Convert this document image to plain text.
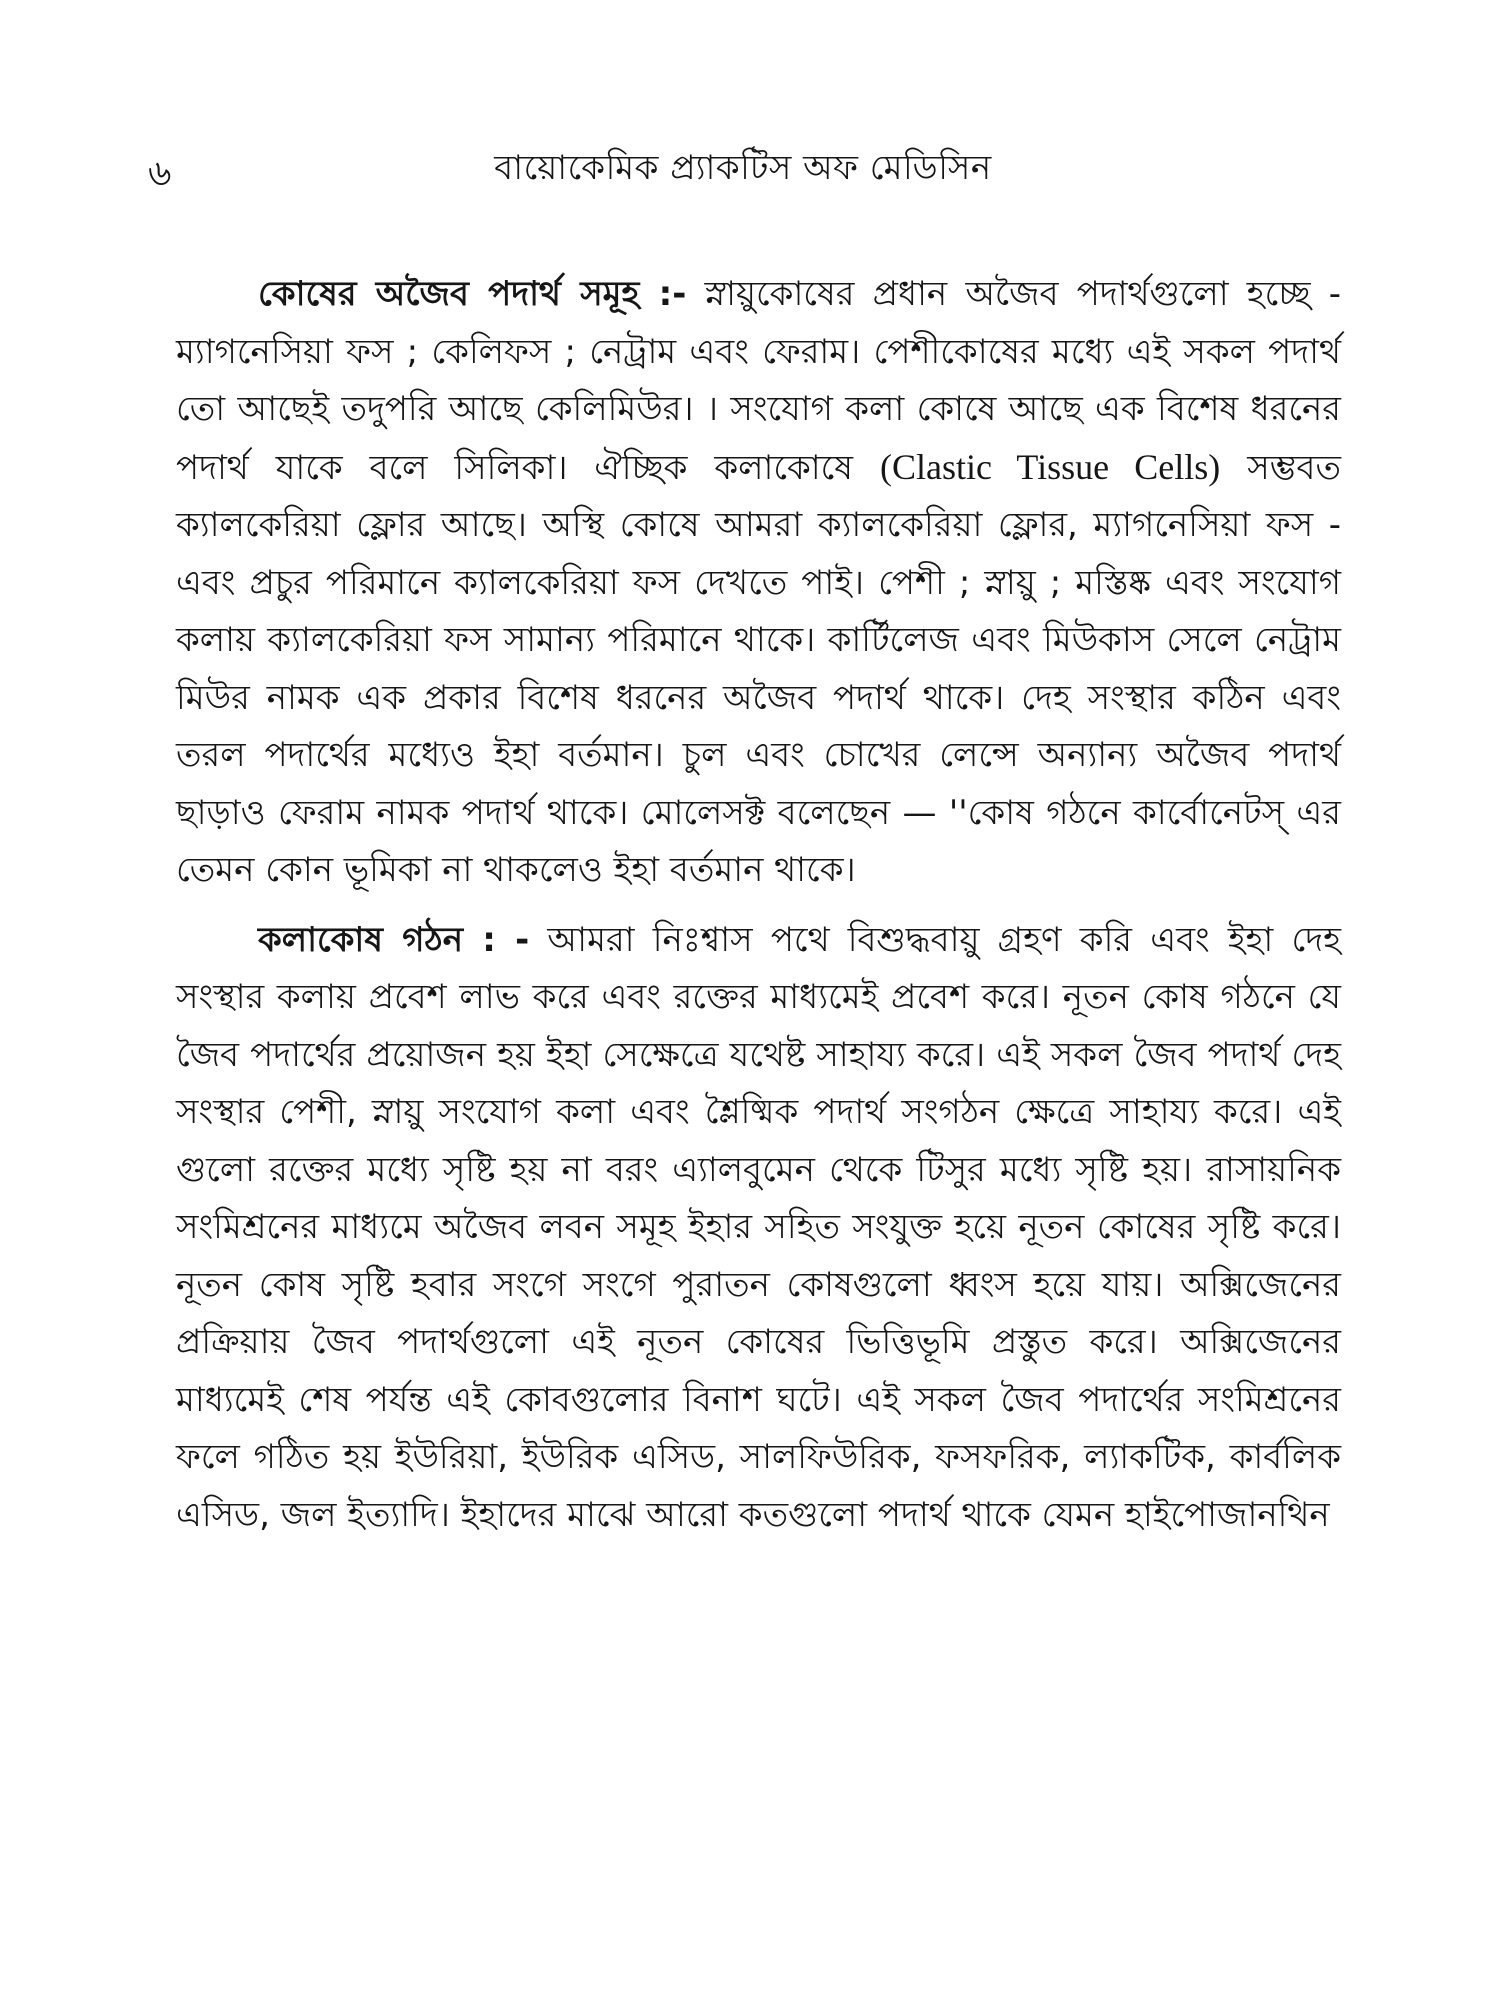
৬	বায়োকেমিক প্র্যাকটিস অফ মেডিসিন

কোষের অজৈব পদার্থ সমূহ :- স্নায়ুকোষের প্রধান অজৈব পদার্থগুলো হচ্ছে - ম্যাগনেসিয়া ফস ; কেলিফস ; নেট্রাম এবং ফেরাম। পেশীকোষের মধ্যে এই সকল পদার্থ তো আছেই তদুপরি আছে কেলিমিউর। । সংযোগ কলা কোষে আছে এক বিশেষ ধরনের পদার্থ যাকে বলে সিলিকা। ঐচ্ছিক কলাকোষে (Clastic Tissue Cells) সম্ভবত ক্যালকেরিয়া ফ্লোর আছে। অস্থি কোষে আমরা ক্যালকেরিয়া ফ্লোর, ম্যাগনেসিয়া ফস - এবং প্রচুর পরিমানে ক্যালকেরিয়া ফস দেখতে পাই। পেশী ; স্নায়ু ; মস্তিষ্ক এবং সংযোগ কলায় ক্যালকেরিয়া ফস সামান্য পরিমানে থাকে। কার্টিলেজ এবং মিউকাস সেলে নেট্রাম মিউর নামক এক প্রকার বিশেষ ধরনের অজৈব পদার্থ থাকে। দেহ সংস্থার কঠিন এবং তরল পদার্থের মধ্যেও ইহা বর্তমান। চুল এবং চোখের লেন্সে অন্যান্য অজৈব পদার্থ ছাড়াও ফেরাম নামক পদার্থ থাকে। মোলেসক্ট বলেছেন — ''কোষ গঠনে কার্বোনেটস্ এর তেমন কোন ভূমিকা না থাকলেও ইহা বর্তমান থাকে।

কলাকোষ গঠন : - আমরা নিঃশ্বাস পথে বিশুদ্ধবায়ু গ্রহণ করি এবং ইহা দেহ সংস্থার কলায় প্রবেশ লাভ করে এবং রক্তের মাধ্যমেই প্রবেশ করে। নূতন কোষ গঠনে যে জৈব পদার্থের প্রয়োজন হয় ইহা সেক্ষেত্রে যথেষ্ট সাহায্য করে। এই সকল জৈব পদার্থ দেহ সংস্থার পেশী, স্নায়ু সংযোগ কলা এবং শ্লৈষ্মিক পদার্থ সংগঠন ক্ষেত্রে সাহায্য করে। এই গুলো রক্তের মধ্যে সৃষ্টি হয় না বরং এ্যালবুমেন থেকে টিসুর মধ্যে সৃষ্টি হয়। রাসায়নিক সংমিশ্রনের মাধ্যমে অজৈব লবন সমূহ ইহার সহিত সংযুক্ত হয়ে নূতন কোষের সৃষ্টি করে। নূতন কোষ সৃষ্টি হবার সংগে সংগে পুরাতন কোষগুলো ধ্বংস হয়ে যায়। অক্সিজেনের প্রক্রিয়ায় জৈব পদার্থগুলো এই নূতন কোষের ভিত্তিভূমি প্রস্তুত করে। অক্সিজেনের মাধ্যমেই শেষ পর্যন্ত এই কোবগুলোর বিনাশ ঘটে। এই সকল জৈব পদার্থের সংমিশ্রনের ফলে গঠিত হয় ইউরিয়া, ইউরিক এসিড, সালফিউরিক, ফসফরিক, ল্যাকটিক, কার্বলিক এসিড, জল ইত্যাদি। ইহাদের মাঝে আরো কতগুলো পদার্থ থাকে যেমন হাইপোজানথিন
